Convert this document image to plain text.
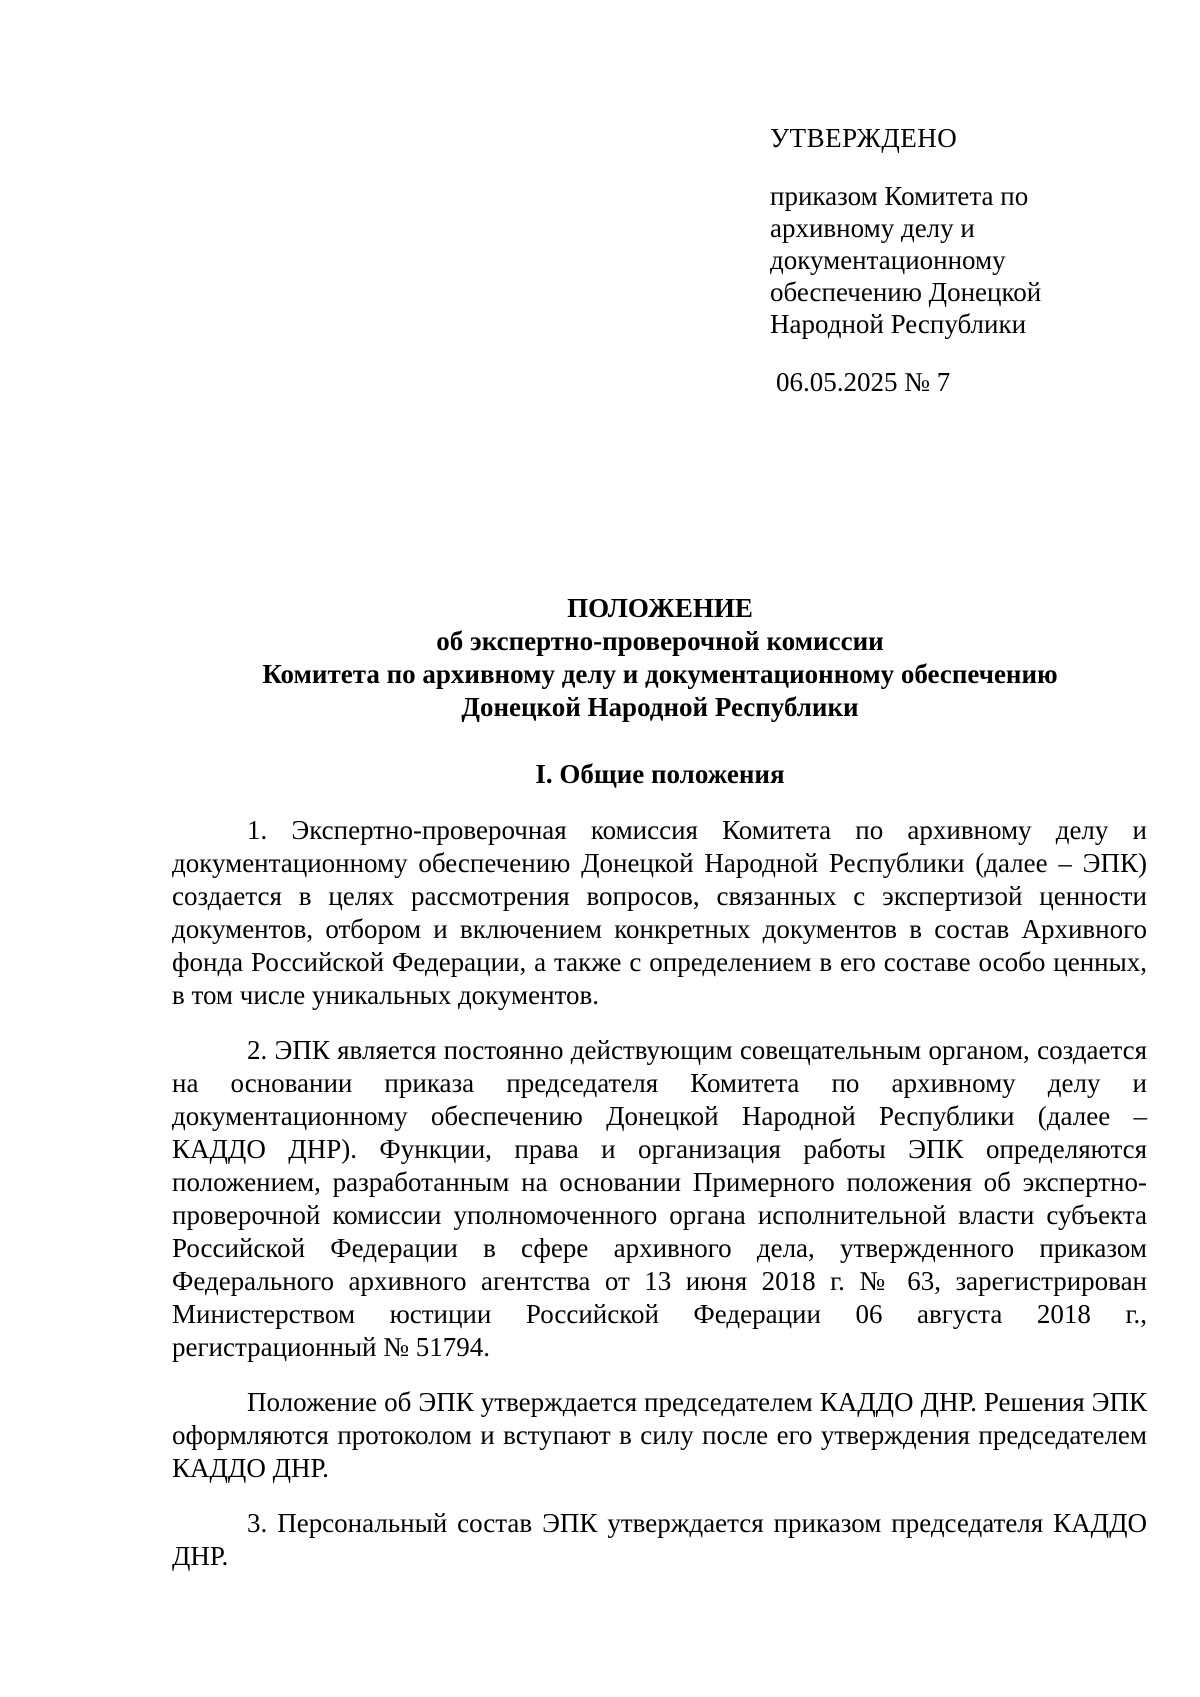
УТВЕРЖДЕНО
приказом Комитета по
архивному делу и
документационному
обеспечению Донецкой
Народной Республики
06.05.2025 № 7
ПОЛОЖЕНИЕ
об экспертно-проверочной комиссии
Комитета по архивному делу и документационному обеспечению
Донецкой Народной Республики
I. Общие положения

1. Экспертно-проверочная комиссия Комитета по архивному делу и документационному обеспечению Донецкой Народной Республики (далее – ЭПК) создается в целях рассмотрения вопросов, связанных с экспертизой ценности документов, отбором и включением конкретных документов в состав Архивного фонда Российской Федерации, а также с определением в его составе особо ценных, в том числе уникальных документов.

2. ЭПК является постоянно действующим совещательным органом, создается на основании приказа председателя Комитета по архивному делу и документационному обеспечению Донецкой Народной Республики (далее – КАДДО ДНР). Функции, права и организация работы ЭПК определяются положением, разработанным на основании Примерного положения об экспертно-проверочной комиссии уполномоченного органа исполнительной власти субъекта Российской Федерации в сфере архивного дела, утвержденного приказом Федерального архивного агентства от 13 июня 2018 г. № 63, зарегистрирован Министерством юстиции Российской Федерации 06 августа 2018 г., регистрационный № 51794.

Положение об ЭПК утверждается председателем КАДДО ДНР. Решения ЭПК оформляются протоколом и вступают в силу после его утверждения председателем КАДДО ДНР.

3. Персональный состав ЭПК утверждается приказом председателя КАДДО ДНР.
